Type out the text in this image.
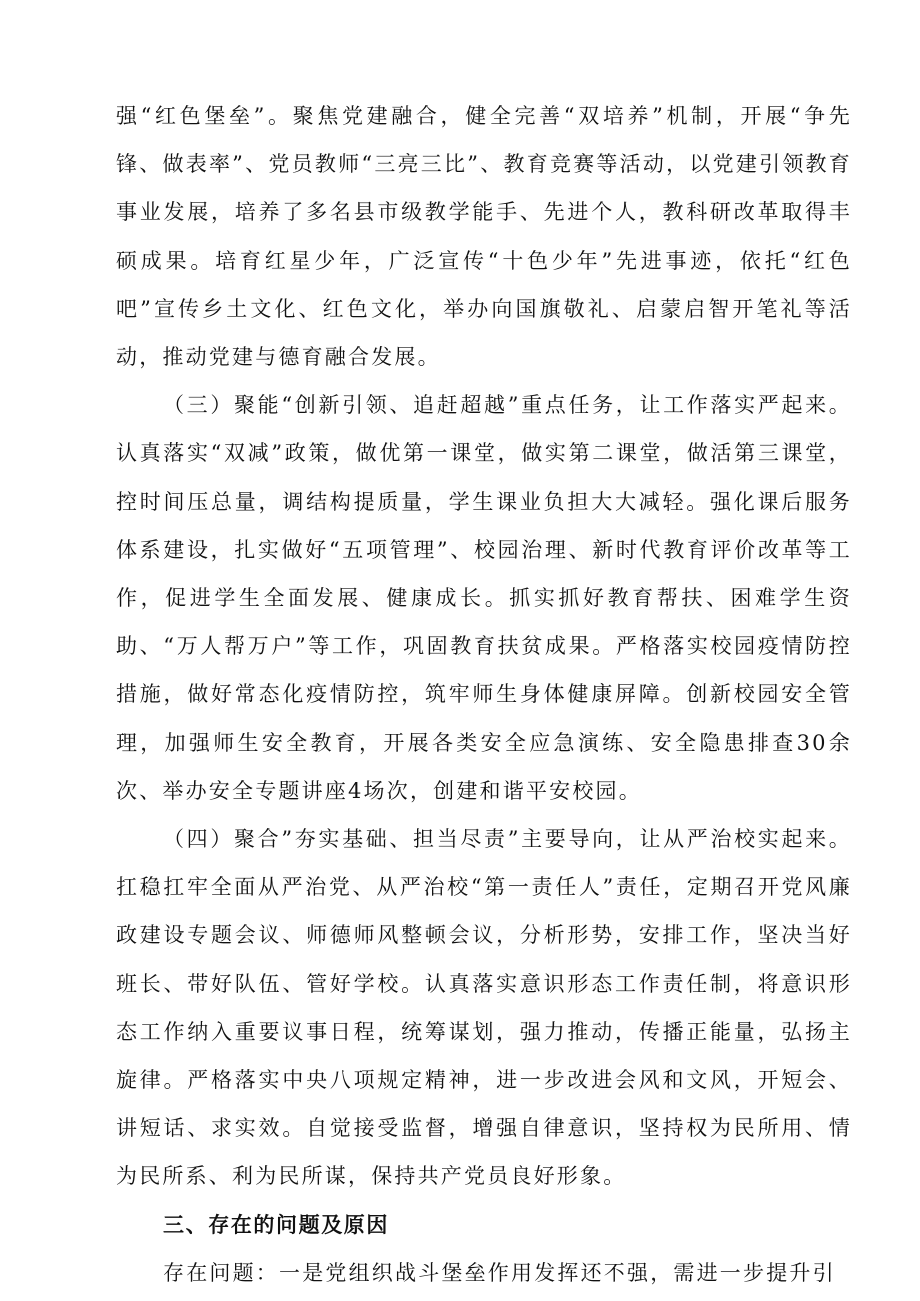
强“红色堡垒”。聚焦党建融合，健全完善“双培养”机制，开展“争先锋、做表率”、党员教师“三亮三比”、教育竞赛等活动，以党建引领教育事业发展，培养了多名县市级教学能手、先进个人，教科研改革取得丰硕成果。培育红星少年，广泛宣传“十色少年”先进事迹，依托“红色吧”宣传乡土文化、红色文化，举办向国旗敬礼、启蒙启智开笔礼等活动，推动党建与德育融合发展。

（三）聚能“创新引领、追赶超越”重点任务，让工作落实严起来。认真落实“双减”政策，做优第一课堂，做实第二课堂，做活第三课堂，控时间压总量，调结构提质量，学生课业负担大大减轻。强化课后服务体系建设，扎实做好“五项管理”、校园治理、新时代教育评价改革等工作，促进学生全面发展、健康成长。抓实抓好教育帮扶、困难学生资助、“万人帮万户”等工作，巩固教育扶贫成果。严格落实校园疫情防控措施，做好常态化疫情防控，筑牢师生身体健康屏障。创新校园安全管理，加强师生安全教育，开展各类安全应急演练、安全隐患排查30余次、举办安全专题讲座4场次，创建和谐平安校园。

（四）聚合”夯实基础、担当尽责”主要导向，让从严治校实起来。扛稳扛牢全面从严治党、从严治校“第一责任人”责任，定期召开党风廉政建设专题会议、师德师风整顿会议，分析形势，安排工作，坚决当好班长、带好队伍、管好学校。认真落实意识形态工作责任制，将意识形态工作纳入重要议事日程，统筹谋划，强力推动，传播正能量，弘扬主旋律。严格落实中央八项规定精神，进一步改进会风和文风，开短会、讲短话、求实效。自觉接受监督，增强自律意识，坚持权为民所用、情为民所系、利为民所谋，保持共产党员良好形象。

三、存在的问题及原因

存在问题：一是党组织战斗堡垒作用发挥还不强，需进一步提升引
